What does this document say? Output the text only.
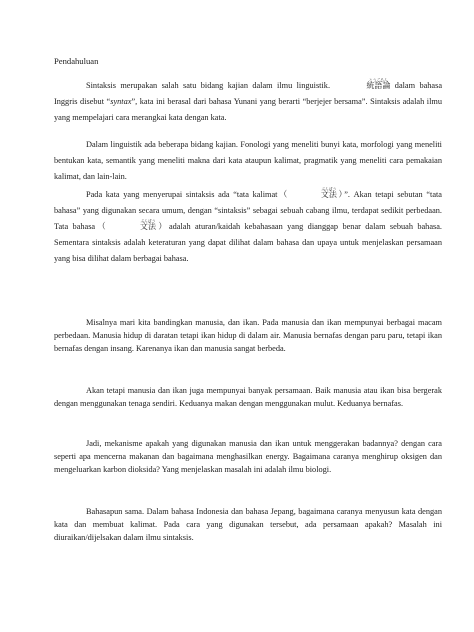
Pendahuluan

Sintaksis merupakan salah satu bidang kajian dalam ilmu linguistik.
とうごろん
統語論 dalam bahasa Inggris disebut “syntax”, kata ini berasal dari bahasa Yunani yang berarti “berjejer bersama”. Sintaksis adalah ilmu yang mempelajari cara merangkai kata dengan kata.

Dalam linguistik ada beberapa bidang kajian. Fonologi yang meneliti bunyi kata, morfologi yang meneliti bentukan kata, semantik yang meneliti makna dari kata ataupun kalimat, pragmatik yang meneliti cara pemakaian kalimat, dan lain-lain.

Pada kata yang menyerupai sintaksis ada “tata kalimat（
ぶんぽう
文法）”. Akan tetapi sebutan “tata bahasa” yang digunakan secara umum, dengan “sintaksis” sebagai sebuah cabang ilmu, terdapat sedikit perbedaan. Tata bahasa（
ぶんぽう
文法）adalah aturan/kaidah kebahasaan yang dianggap benar dalam sebuah bahasa. Sementara sintaksis adalah keteraturan yang dapat dilihat dalam bahasa dan upaya untuk menjelaskan persamaan yang bisa dilihat dalam berbagai bahasa.

Misalnya mari kita bandingkan manusia, dan ikan. Pada manusia dan ikan mempunyai berbagai macam perbedaan. Manusia hidup di daratan tetapi ikan hidup di dalam air. Manusia bernafas dengan paru paru, tetapi ikan bernafas dengan insang. Karenanya ikan dan manusia sangat berbeda.

Akan tetapi manusia dan ikan juga mempunyai banyak persamaan. Baik manusia atau ikan bisa bergerak dengan menggunakan tenaga sendiri. Keduanya makan dengan menggunakan mulut. Keduanya bernafas.

Jadi, mekanisme apakah yang digunakan manusia dan ikan untuk menggerakan badannya? dengan cara seperti apa mencerna makanan dan bagaimana menghasilkan energy. Bagaimana caranya menghirup oksigen dan mengeluarkan karbon dioksida? Yang menjelaskan masalah ini adalah ilmu biologi.

Bahasapun sama. Dalam bahasa Indonesia dan bahasa Jepang, bagaimana caranya menyusun kata dengan kata dan membuat kalimat. Pada cara yang digunakan tersebut, ada persamaan apakah? Masalah ini diuraikan/dijelsakan dalam ilmu sintaksis.
